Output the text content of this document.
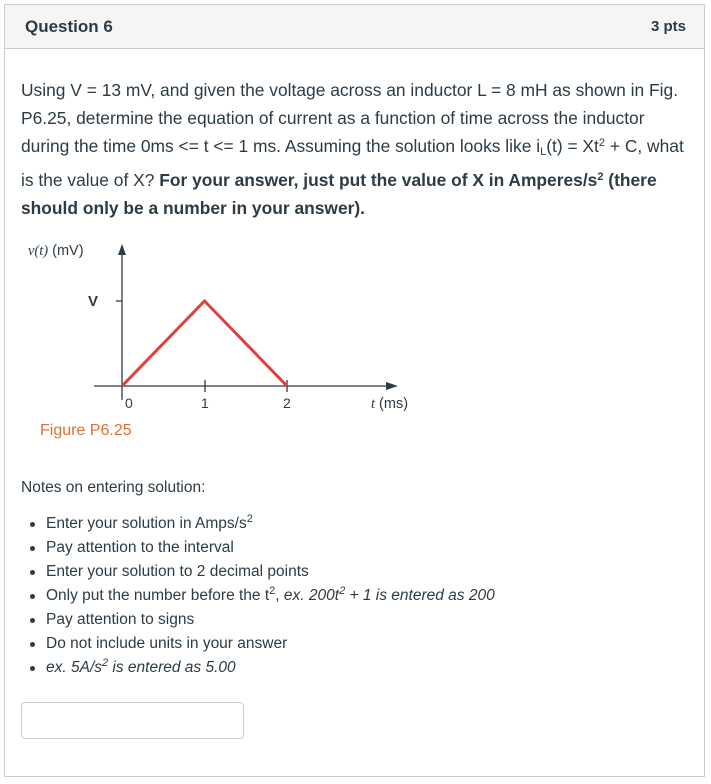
Question 6	3 pts
Using V = 13 mV, and given the voltage across an inductor L = 8 mH as shown in Fig. P6.25, determine the equation of current as a function of time across the inductor during the time 0ms <= t <= 1 ms. Assuming the solution looks like $i_L(t) = Xt^2 + C$, what is the value of X? For your answer, just put the value of X in Amperes/$s^2$ (there should only be a number in your answer).
v(t) (mV)
V
0	1	2	t (ms)
Figure P6.25
Notes on entering solution:
Enter your solution in Amps/$s^2$
Pay attention to the interval
Enter your solution to 2 decimal points
Only put the number before the $t^2$, ex. $200t^2 + 1$ is entered as 200
Pay attention to signs
Do not include units in your answer
ex. $5A/s^2$ is entered as 5.00
